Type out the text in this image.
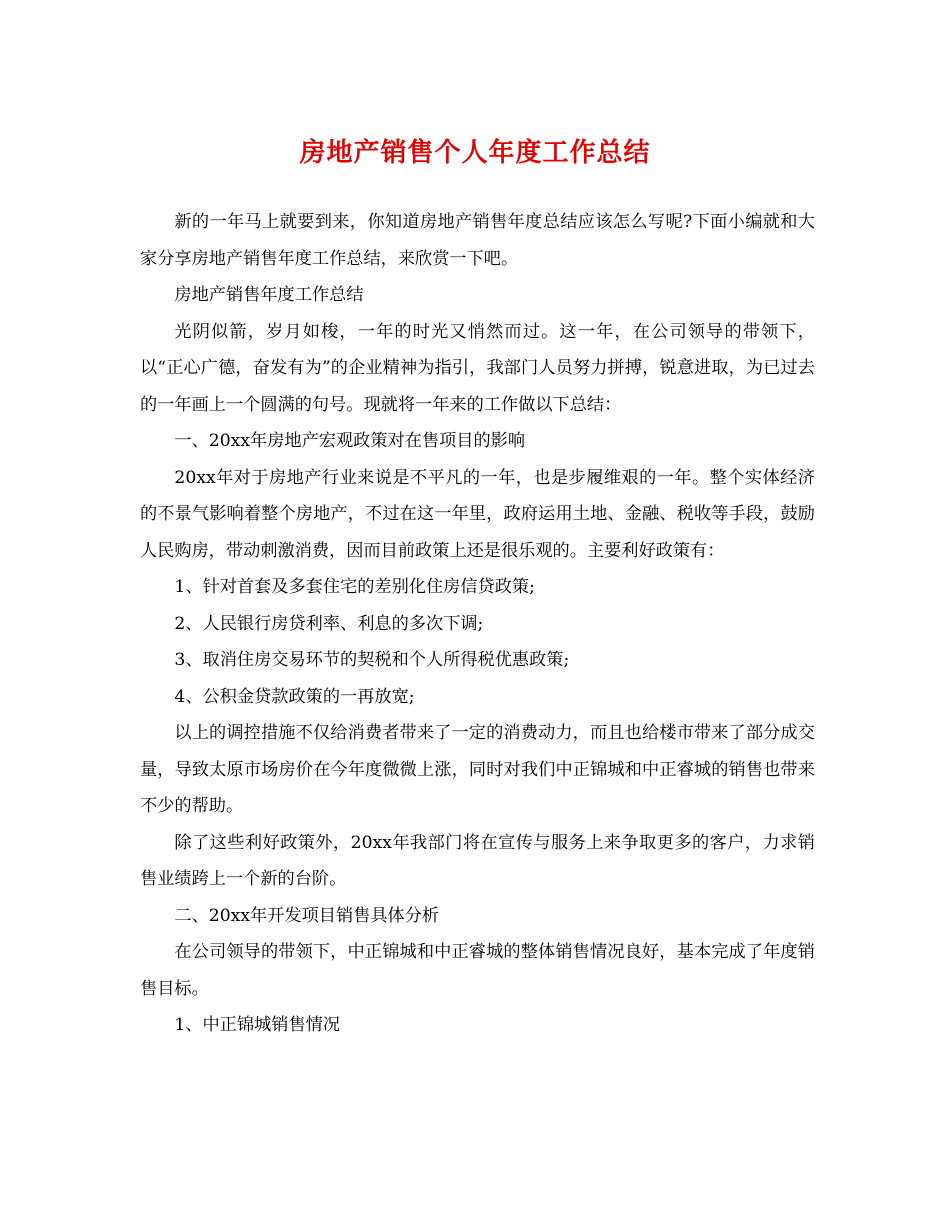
房地产销售个人年度工作总结

新的一年马上就要到来，你知道房地产销售年度总结应该怎么写呢?下面小编就和大家分享房地产销售年度工作总结，来欣赏一下吧。

房地产销售年度工作总结

光阴似箭，岁月如梭，一年的时光又悄然而过。这一年，在公司领导的带领下，以“正心广德，奋发有为”的企业精神为指引，我部门人员努力拼搏，锐意进取，为已过去的一年画上一个圆满的句号。现就将一年来的工作做以下总结：

一、20xx年房地产宏观政策对在售项目的影响

20xx年对于房地产行业来说是不平凡的一年，也是步履维艰的一年。整个实体经济的不景气影响着整个房地产，不过在这一年里，政府运用土地、金融、税收等手段，鼓励人民购房，带动刺激消费，因而目前政策上还是很乐观的。主要利好政策有：

1、针对首套及多套住宅的差别化住房信贷政策;

2、人民银行房贷利率、利息的多次下调;

3、取消住房交易环节的契税和个人所得税优惠政策;

4、公积金贷款政策的一再放宽;

以上的调控措施不仅给消费者带来了一定的消费动力，而且也给楼市带来了部分成交量，导致太原市场房价在今年度微微上涨，同时对我们中正锦城和中正睿城的销售也带来不少的帮助。

除了这些利好政策外，20xx年我部门将在宣传与服务上来争取更多的客户，力求销售业绩跨上一个新的台阶。

二、20xx年开发项目销售具体分析

在公司领导的带领下，中正锦城和中正睿城的整体销售情况良好，基本完成了年度销售目标。

1、中正锦城销售情况
